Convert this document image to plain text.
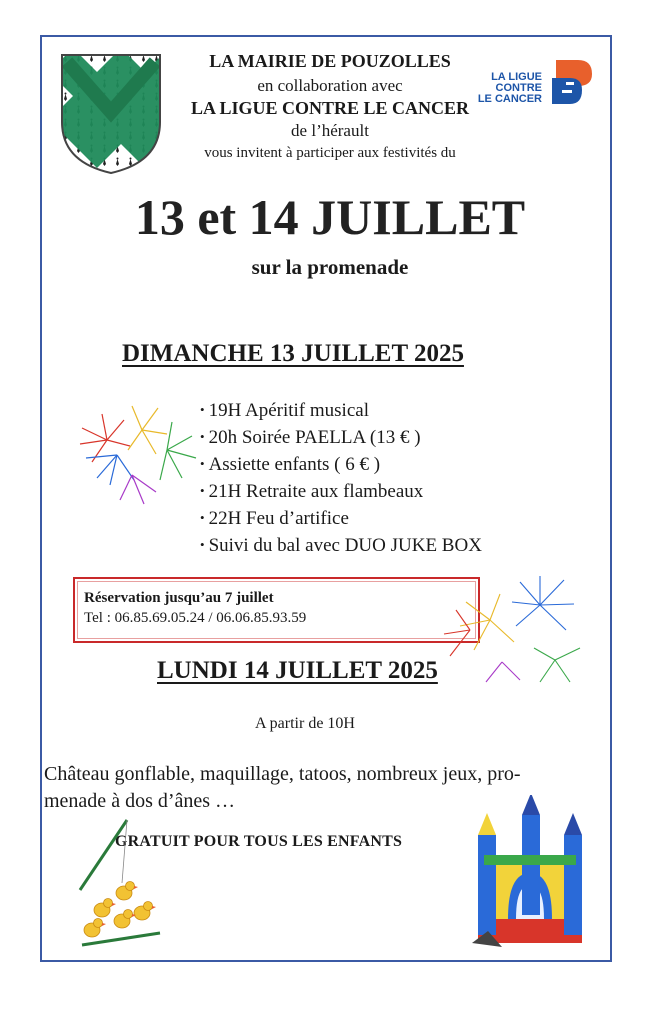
LA MAIRIE DE POUZOLLES
en collaboration avec
LA LIGUE CONTRE LE CANCER
de l’hérault
vous invitent à participer aux festivités du
LA LIGUE
CONTRE
LE CANCER
13 et 14 JUILLET
sur la promenade
DIMANCHE 13 JUILLET 2025
• 19H Apéritif musical
• 20h Soirée PAELLA (13 € )
• Assiette enfants ( 6 € )
• 21H Retraite aux flambeaux
• 22H Feu d’artifice
• Suivi du bal avec DUO JUKE BOX
Réservation jusqu’au 7 juillet
Tel : 06.85.69.05.24 / 06.06.85.93.59
LUNDI 14 JUILLET 2025
A partir de 10H
Château gonflable, maquillage, tatoos, nombreux jeux, pro-menade à dos d’ânes …
GRATUIT POUR TOUS LES ENFANTS
